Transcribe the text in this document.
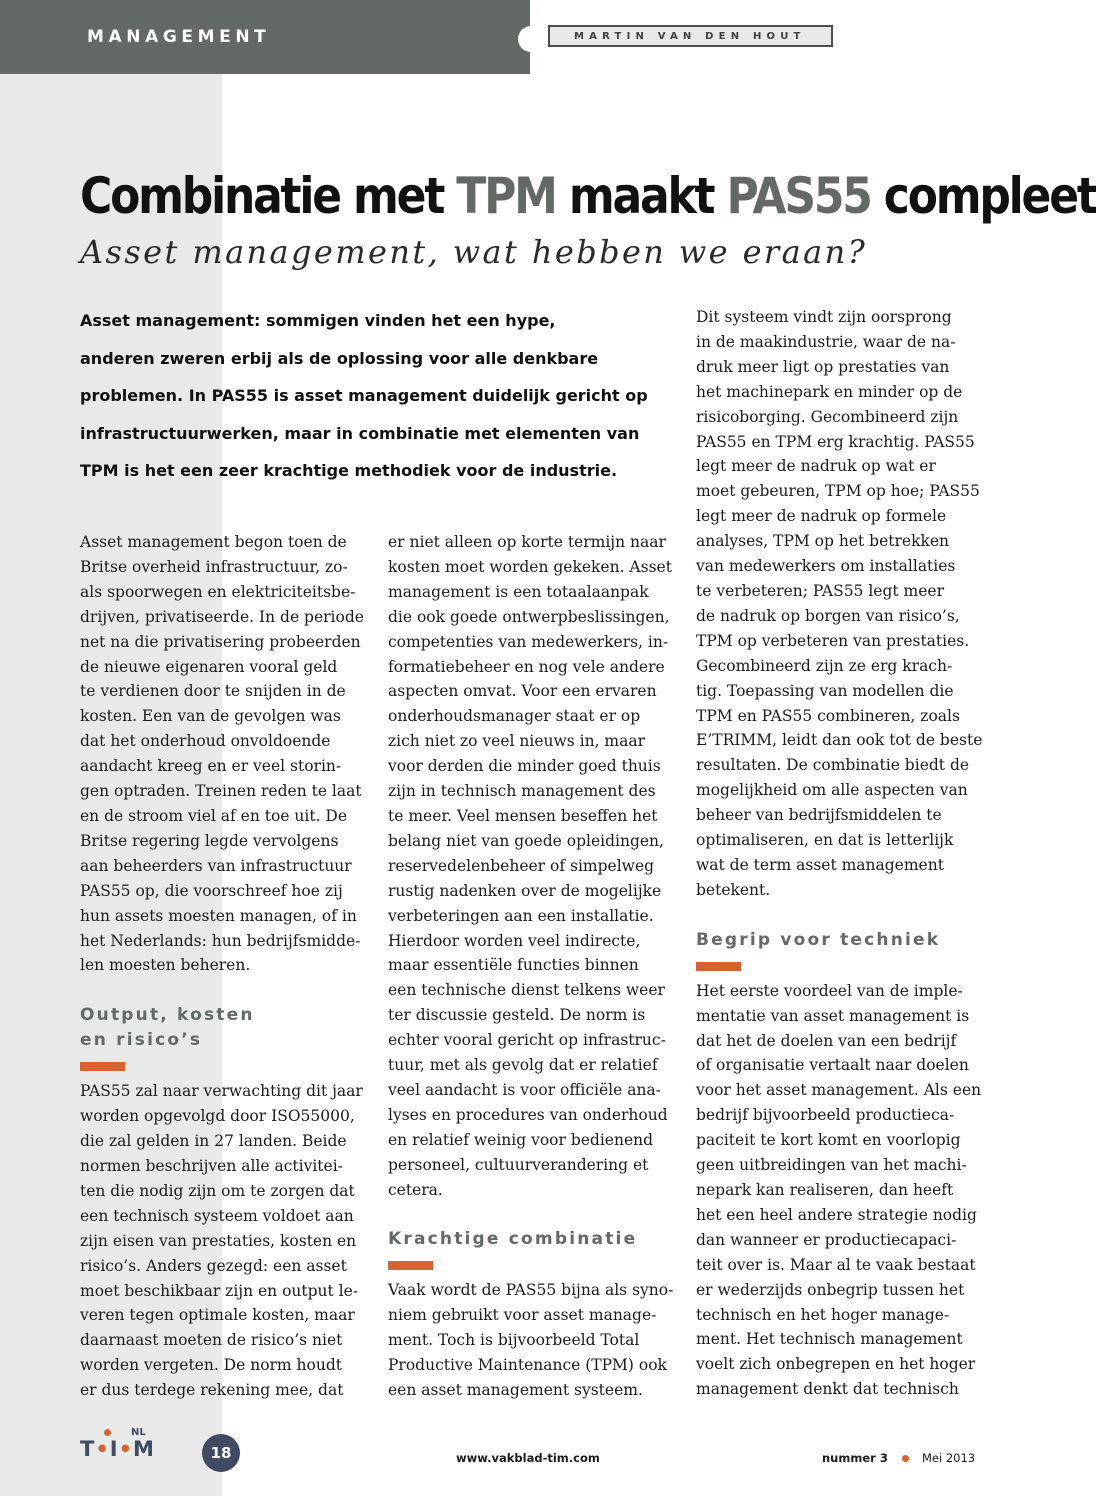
MANAGEMENT	MARTIN VAN DEN HOUT
Combinatie met TPM maakt PAS55 compleet
Asset management, wat hebben we eraan?
Asset management: sommigen vinden het een hype,
anderen zweren erbij als de oplossing voor alle denkbare
problemen. In PAS55 is asset management duidelijk gericht op
infrastructuurwerken, maar in combinatie met elementen van
TPM is het een zeer krachtige methodiek voor de industrie.
Asset management begon toen de
Britse overheid infrastructuur, zo-
als spoorwegen en elektriciteitsbe-
drijven, privatiseerde. In de periode
net na die privatisering probeerden
de nieuwe eigenaren vooral geld
te verdienen door te snijden in de
kosten. Een van de gevolgen was
dat het onderhoud onvoldoende
aandacht kreeg en er veel storin-
gen optraden. Treinen reden te laat
en de stroom viel af en toe uit. De
Britse regering legde vervolgens
aan beheerders van infrastructuur
PAS55 op, die voorschreef hoe zij
hun assets moesten managen, of in
het Nederlands: hun bedrijfsmidde-
len moesten beheren.
Output, kosten
en risico’s
PAS55 zal naar verwachting dit jaar
worden opgevolgd door ISO55000,
die zal gelden in 27 landen. Beide
normen beschrijven alle activitei-
ten die nodig zijn om te zorgen dat
een technisch systeem voldoet aan
zijn eisen van prestaties, kosten en
risico’s. Anders gezegd: een asset
moet beschikbaar zijn en output le-
veren tegen optimale kosten, maar
daarnaast moeten de risico’s niet
worden vergeten. De norm houdt
er dus terdege rekening mee, dat
er niet alleen op korte termijn naar
kosten moet worden gekeken. Asset
management is een totaalaanpak
die ook goede ontwerpbeslissingen,
competenties van medewerkers, in-
formatiebeheer en nog vele andere
aspecten omvat. Voor een ervaren
onderhoudsmanager staat er op
zich niet zo veel nieuws in, maar
voor derden die minder goed thuis
zijn in technisch management des
te meer. Veel mensen beseffen het
belang niet van goede opleidingen,
reservedelenbeheer of simpelweg
rustig nadenken over de mogelijke
verbeteringen aan een installatie.
Hierdoor worden veel indirecte,
maar essentiële functies binnen
een technische dienst telkens weer
ter discussie gesteld. De norm is
echter vooral gericht op infrastruc-
tuur, met als gevolg dat er relatief
veel aandacht is voor officiële ana-
lyses en procedures van onderhoud
en relatief weinig voor bedienend
personeel, cultuurverandering et
cetera.
Krachtige combinatie
Vaak wordt de PAS55 bijna als syno-
niem gebruikt voor asset manage-
ment. Toch is bijvoorbeeld Total
Productive Maintenance (TPM) ook
een asset management systeem.
Dit systeem vindt zijn oorsprong
in de maakindustrie, waar de na-
druk meer ligt op prestaties van
het machinepark en minder op de
risicoborging. Gecombineerd zijn
PAS55 en TPM erg krachtig. PAS55
legt meer de nadruk op wat er
moet gebeuren, TPM op hoe; PAS55
legt meer de nadruk op formele
analyses, TPM op het betrekken
van medewerkers om installaties
te verbeteren; PAS55 legt meer
de nadruk op borgen van risico’s,
TPM op verbeteren van prestaties.
Gecombineerd zijn ze erg krach-
tig. Toepassing van modellen die
TPM en PAS55 combineren, zoals
E’TRIMM, leidt dan ook tot de beste
resultaten. De combinatie biedt de
mogelijkheid om alle aspecten van
beheer van bedrijfsmiddelen te
optimaliseren, en dat is letterlijk
wat de term asset management
betekent.
Begrip voor techniek
Het eerste voordeel van de imple-
mentatie van asset management is
dat het de doelen van een bedrijf
of organisatie vertaalt naar doelen
voor het asset management. Als een
bedrijf bijvoorbeeld productieca-
paciteit te kort komt en voorlopig
geen uitbreidingen van het machi-
nepark kan realiseren, dan heeft
het een heel andere strategie nodig
dan wanneer er productiecapaci-
teit over is. Maar al te vaak bestaat
er wederzijds onbegrip tussen het
technisch en het hoger manage-
ment. Het technisch management
voelt zich onbegrepen en het hoger
management denkt dat technisch
NL
T•I•M	18	www.vakblad-tim.com	nummer 3	Mei 2013
